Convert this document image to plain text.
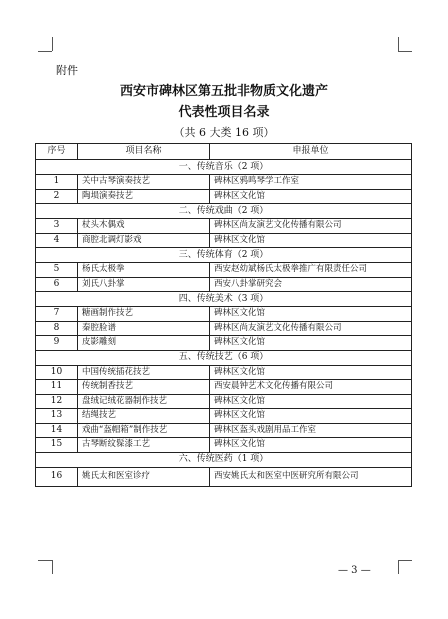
附件
西安市碑林区第五批非物质文化遗产
代表性项目名录
（共 6 大类 16 项）
序号	项目名称	申报单位
一、传统音乐（2 项）		
1	关中古琴演奏技艺	碑林区鸦鸣琴学工作室
2	陶埙演奏技艺	碑林区文化馆
二、传统戏曲（2 项）		
3	杖头木偶戏	碑林区尚友演艺文化传播有限公司
4	商腔北调灯影戏	碑林区文化馆
三、传统体育（2 项）		
5	杨氏太极拳	西安赵幼斌杨氏太极拳推广有限责任公司
6	刘氏八卦掌	西安八卦掌研究会
四、传统美术（3 项）		
7	糖画制作技艺	碑林区文化馆
8	秦腔脸谱	碑林区尚友演艺文化传播有限公司
9	皮影雕刻	碑林区文化馆
五、传统技艺（6 项）		
10	中国传统插花技艺	碑林区文化馆
11	传统制香技艺	西安晨钟艺术文化传播有限公司
12	盘绒记绒花器制作技艺	碑林区文化馆
13	结绳技艺	碑林区文化馆
14	戏曲“盔帽箱”制作技艺	碑林区盔头戏剧用品工作室
15	古琴断纹髹漆工艺	碑林区文化馆
六、传统医药（1 项）		
16	姚氏太和医室诊疗	西安姚氏太和医室中医研究所有限公司
— 3 —
